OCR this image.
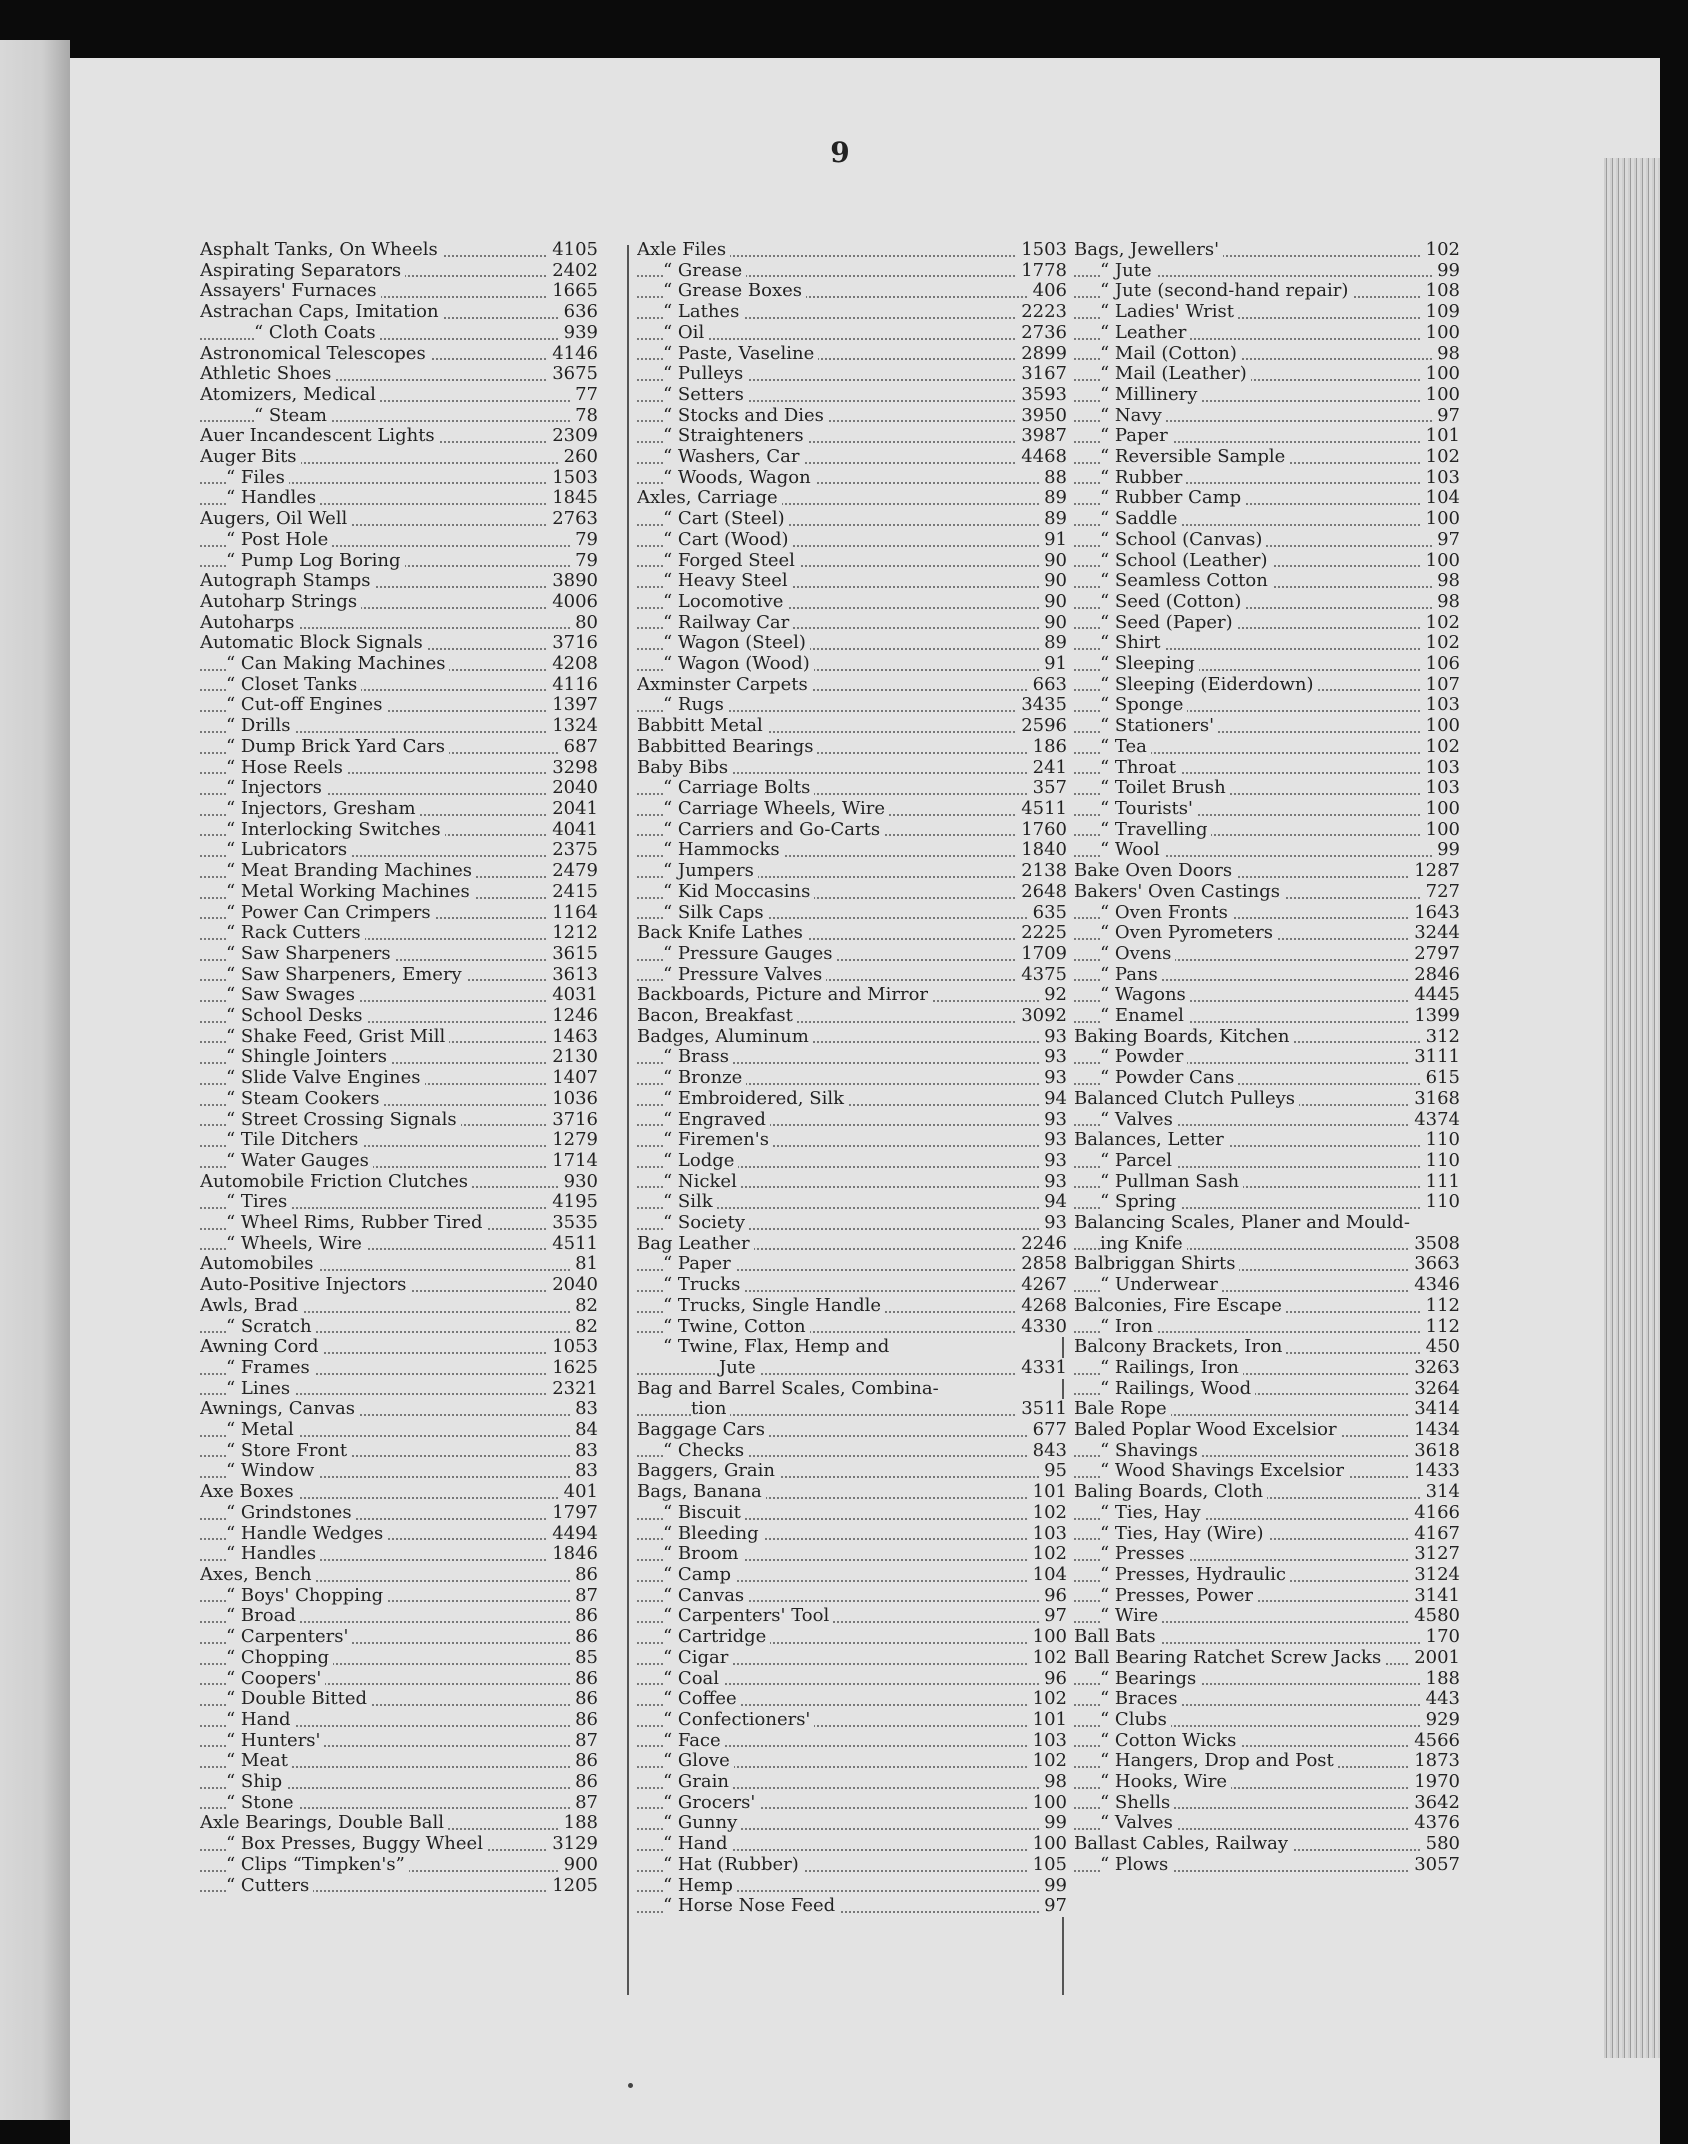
9
4105
Asphalt Tanks, On Wheels
2402
Aspirating Separators
1665
Assayers' Furnaces
636
Astrachan Caps, Imitation
939
“ Cloth Coats
4146
Astronomical Telescopes
3675
Athletic Shoes
77
Atomizers, Medical
78
“ Steam
2309
Auer Incandescent Lights
260
Auger Bits
1503
“ Files
1845
“ Handles
2763
Augers, Oil Well
79
“ Post Hole
79
“ Pump Log Boring
3890
Autograph Stamps
4006
Autoharp Strings
80
Autoharps
3716
Automatic Block Signals
4208
“ Can Making Machines
4116
“ Closet Tanks
1397
“ Cut-off Engines
1324
“ Drills
687
“ Dump Brick Yard Cars
3298
“ Hose Reels
2040
“ Injectors
2041
“ Injectors, Gresham
4041
“ Interlocking Switches
2375
“ Lubricators
2479
“ Meat Branding Machines
2415
“ Metal Working Machines
1164
“ Power Can Crimpers
1212
“ Rack Cutters
3615
“ Saw Sharpeners
3613
“ Saw Sharpeners, Emery
4031
“ Saw Swages
1246
“ School Desks
1463
“ Shake Feed, Grist Mill
2130
“ Shingle Jointers
1407
“ Slide Valve Engines
1036
“ Steam Cookers
3716
“ Street Crossing Signals
1279
“ Tile Ditchers
1714
“ Water Gauges
930
Automobile Friction Clutches
4195
“ Tires
3535
“ Wheel Rims, Rubber Tired
4511
“ Wheels, Wire
81
Automobiles
2040
Auto-Positive Injectors
82
Awls, Brad
82
“ Scratch
1053
Awning Cord
1625
“ Frames
2321
“ Lines
83
Awnings, Canvas
84
“ Metal
83
“ Store Front
83
“ Window
401
Axe Boxes
1797
“ Grindstones
4494
“ Handle Wedges
1846
“ Handles
86
Axes, Bench
87
“ Boys' Chopping
86
“ Broad
86
“ Carpenters'
85
“ Chopping
86
“ Coopers'
86
“ Double Bitted
86
“ Hand
87
“ Hunters'
86
“ Meat
86
“ Ship
87
“ Stone
188
Axle Bearings, Double Ball
3129
“ Box Presses, Buggy Wheel
900
“ Clips “Timpken's”
1205
“ Cutters
1503
Axle Files
1778
“ Grease
406
“ Grease Boxes
2223
“ Lathes
2736
“ Oil
2899
“ Paste, Vaseline
3167
“ Pulleys
3593
“ Setters
3950
“ Stocks and Dies
3987
“ Straighteners
4468
“ Washers, Car
88
“ Woods, Wagon
89
Axles, Carriage
89
“ Cart (Steel)
91
“ Cart (Wood)
90
“ Forged Steel
90
“ Heavy Steel
90
“ Locomotive
90
“ Railway Car
89
“ Wagon (Steel)
91
“ Wagon (Wood)
663
Axminster Carpets
3435
“ Rugs
2596
Babbitt Metal
186
Babbitted Bearings
241
Baby Bibs
357
“ Carriage Bolts
4511
“ Carriage Wheels, Wire
1760
“ Carriers and Go-Carts
1840
“ Hammocks
2138
“ Jumpers
2648
“ Kid Moccasins
635
“ Silk Caps
2225
Back Knife Lathes
1709
“ Pressure Gauges
4375
“ Pressure Valves
92
Backboards, Picture and Mirror
3092
Bacon, Breakfast
93
Badges, Aluminum
93
“ Brass
93
“ Bronze
94
“ Embroidered, Silk
93
“ Engraved
93
“ Firemen's
93
“ Lodge
93
“ Nickel
94
“ Silk
93
“ Society
2246
Bag Leather
2858
“ Paper
4267
“ Trucks
4268
“ Trucks, Single Handle
4330
“ Twine, Cotton
“ Twine, Flax, Hemp and
4331
Jute
Bag and Barrel Scales, Combina-
3511
tion
677
Baggage Cars
843
“ Checks
95
Baggers, Grain
101
Bags, Banana
102
“ Biscuit
103
“ Bleeding
102
“ Broom
104
“ Camp
96
“ Canvas
97
“ Carpenters' Tool
100
“ Cartridge
102
“ Cigar
96
“ Coal
102
“ Coffee
101
“ Confectioners'
103
“ Face
102
“ Glove
98
“ Grain
100
“ Grocers'
99
“ Gunny
100
“ Hand
105
“ Hat (Rubber)
99
“ Hemp
97
“ Horse Nose Feed
102
Bags, Jewellers'
99
“ Jute
108
“ Jute (second-hand repair)
109
“ Ladies' Wrist
100
“ Leather
98
“ Mail (Cotton)
100
“ Mail (Leather)
100
“ Millinery
97
“ Navy
101
“ Paper
102
“ Reversible Sample
103
“ Rubber
104
“ Rubber Camp
100
“ Saddle
97
“ School (Canvas)
100
“ School (Leather)
98
“ Seamless Cotton
98
“ Seed (Cotton)
102
“ Seed (Paper)
102
“ Shirt
106
“ Sleeping
107
“ Sleeping (Eiderdown)
103
“ Sponge
100
“ Stationers'
102
“ Tea
103
“ Throat
103
“ Toilet Brush
100
“ Tourists'
100
“ Travelling
99
“ Wool
1287
Bake Oven Doors
727
Bakers' Oven Castings
1643
“ Oven Fronts
3244
“ Oven Pyrometers
2797
“ Ovens
2846
“ Pans
4445
“ Wagons
1399
“ Enamel
312
Baking Boards, Kitchen
3111
“ Powder
615
“ Powder Cans
3168
Balanced Clutch Pulleys
4374
“ Valves
110
Balances, Letter
110
“ Parcel
111
“ Pullman Sash
110
“ Spring
Balancing Scales, Planer and Mould-
3508
ing Knife
3663
Balbriggan Shirts
4346
“ Underwear
112
Balconies, Fire Escape
112
“ Iron
450
Balcony Brackets, Iron
3263
“ Railings, Iron
3264
“ Railings, Wood
3414
Bale Rope
1434
Baled Poplar Wood Excelsior
3618
“ Shavings
1433
“ Wood Shavings Excelsior
314
Baling Boards, Cloth
4166
“ Ties, Hay
4167
“ Ties, Hay (Wire)
3127
“ Presses
3124
“ Presses, Hydraulic
3141
“ Presses, Power
4580
“ Wire
170
Ball Bats
2001
Ball Bearing Ratchet Screw Jacks
188
“ Bearings
443
“ Braces
929
“ Clubs
4566
“ Cotton Wicks
1873
“ Hangers, Drop and Post
1970
“ Hooks, Wire
3642
“ Shells
4376
“ Valves
580
Ballast Cables, Railway
3057
“ Plows
